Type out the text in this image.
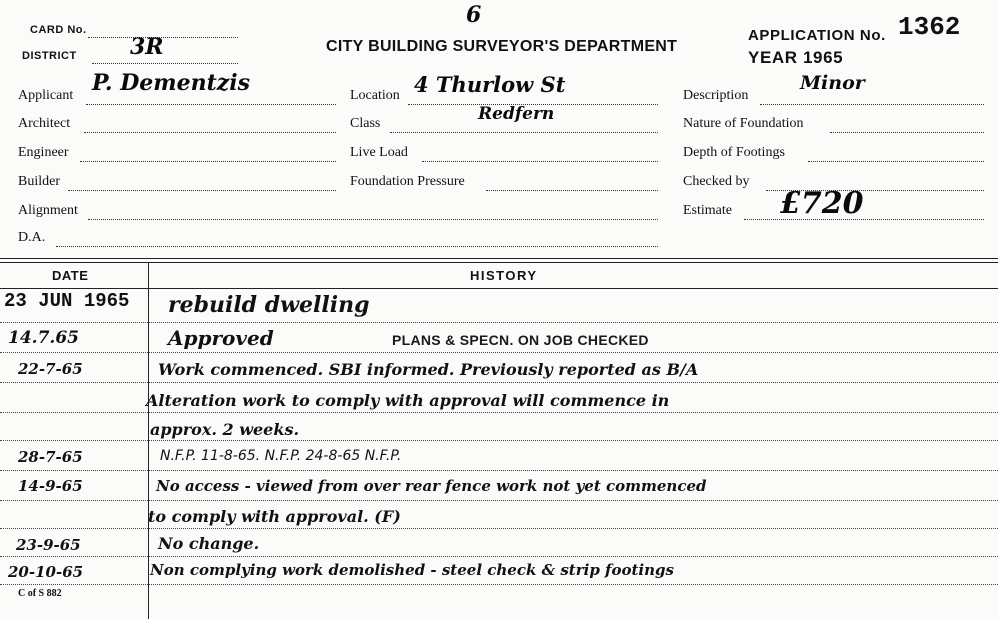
CARD No.
6
DISTRICT 3R	CITY BUILDING SURVEYOR'S DEPARTMENT
APPLICATION No. 1362
YEAR 1965
Applicant P. Dementzis
Architect
Engineer
Builder
Alignment
D.A.
Location 4 Thurlow St
Class	Redfern
Live Load
Foundation Pressure
Description
Minor
Nature of Foundation
Depth of Footings
Checked by
Estimate £720
DATE	HISTORY
23 JUN 1965 rebuild dwelling
14.7.65	Approved	PLANS & SPECN. ON JOB CHECKED
22-7-65	Work commenced. SBI informed. Previously reported as B/A
Alteration work to comply with approval will commence in
approx. 2 weeks.
28-7-65	N.F.P. 11-8-65. N.F.P. 24-8-65 N.F.P.
14-9-65	No access - viewed from over rear fence work not yet commenced
to comply with approval. (F)
23-9-65	No change.
20-10-65	Non complying work demolished - steel check & strip footings
C of S 882
